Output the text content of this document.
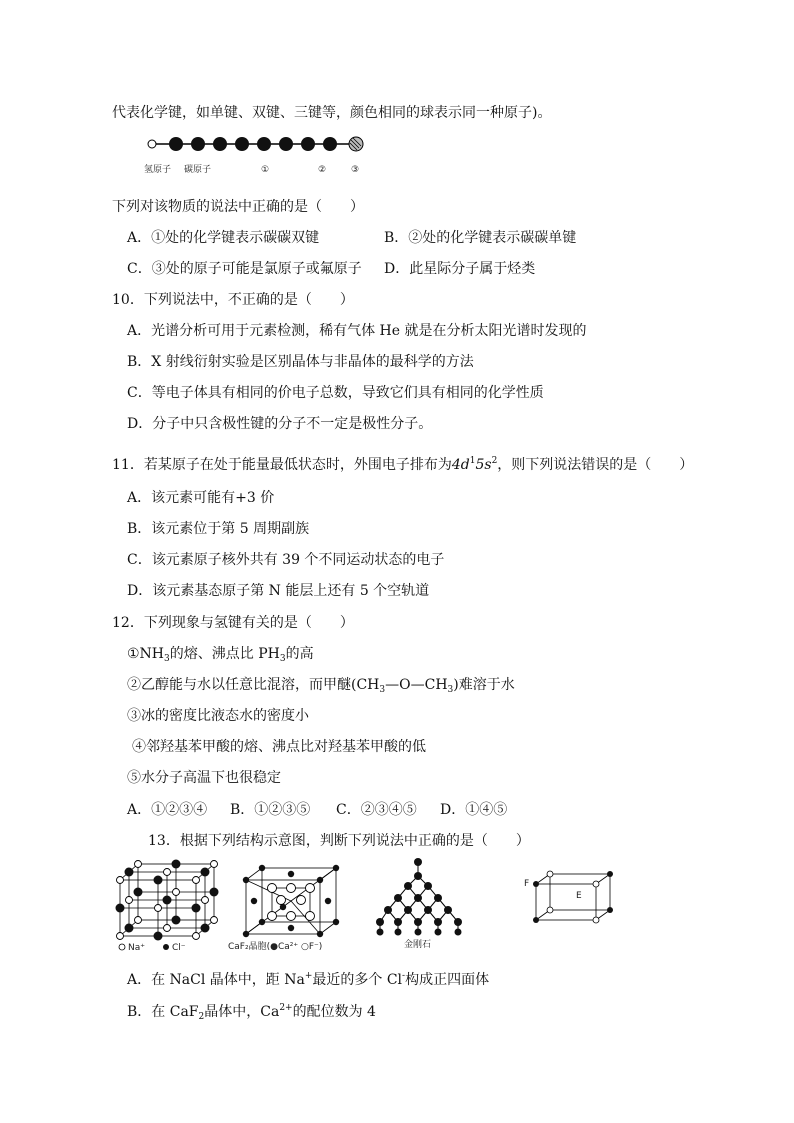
代表化学键，如单键、双键、三键等，颜色相同的球表示同一种原子)。
氢原子 碳原子	①	②	③
下列对该物质的说法中正确的是（　　）
A．①处的化学键表示碳碳双键	B．②处的化学键表示碳碳单键
C．③处的原子可能是氯原子或氟原子 D．此星际分子属于烃类
10．下列说法中，不正确的是（　　）
A．光谱分析可用于元素检测，稀有气体 He 就是在分析太阳光谱时发现的
B．X 射线衍射实验是区别晶体与非晶体的最科学的方法
C．等电子体具有相同的价电子总数，导致它们具有相同的化学性质
D．分子中只含极性键的分子不一定是极性分子。
11．若某原子在处于能量最低状态时，外围电子排布为$4d^15s^2$，则下列说法错误的是（　　）
A．该元素可能有+3 价
B．该元素位于第 5 周期副族
C．该元素原子核外共有 39 个不同运动状态的电子
D．该元素基态原子第 N 能层上还有 5 个空轨道
12．下列现象与氢键有关的是（　　）
$①NH_3$的熔、沸点比 $PH_3$的高
②乙醇能与水以任意比混溶，而甲醚$(CH_3—O—CH_3)$难溶于水
③冰的密度比液态水的密度小
④邻羟基苯甲酸的熔、沸点比对羟基苯甲酸的低
⑤水分子高温下也很稳定
A．①②③④ B．①②③⑤ C．②③④⑤ D．①④⑤
13．根据下列结构示意图，判断下列说法中正确的是（　　）
Na⁺	Cl⁻	CaF₂晶胞(●Ca²⁺ ○F⁻)	金刚石
F
E
A．在 NaCl 晶体中，距 Na+最近的多个 Cl-构成正四面体
B．在 CaF$_2$晶体中，$Ca^{2+}$的配位数为 4
